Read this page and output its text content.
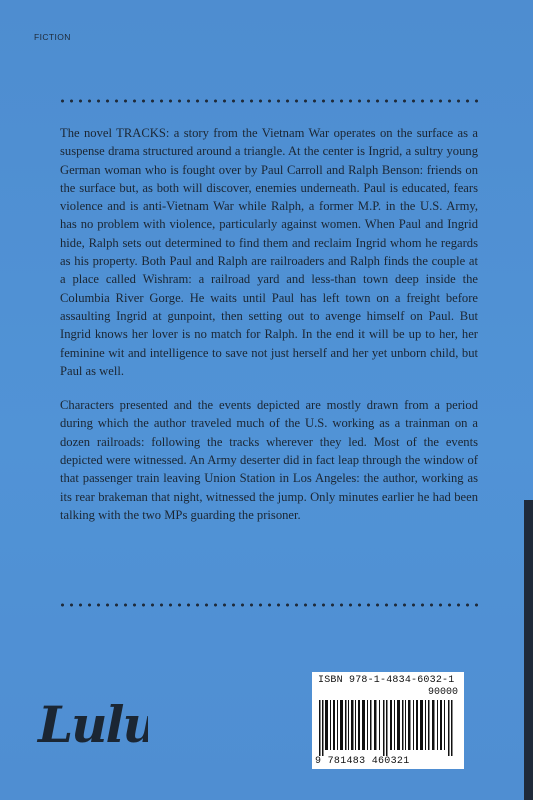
FICTION

The novel TRACKS: a story from the Vietnam War operates on the surface as a suspense drama structured around a triangle. At the center is Ingrid, a sultry young German woman who is fought over by Paul Carroll and Ralph Benson: friends on the surface but, as both will discover, enemies underneath. Paul is educated, fears violence and is anti-Vietnam War while Ralph, a former M.P. in the U.S. Army, has no problem with violence, particularly against women. When Paul and Ingrid hide, Ralph sets out determined to find them and reclaim Ingrid whom he regards as his property. Both Paul and Ralph are railroaders and Ralph finds the couple at a place called Wishram: a railroad yard and less-than town deep inside the Columbia River Gorge. He waits until Paul has left town on a freight before assaulting Ingrid at gunpoint, then setting out to avenge himself on Paul. But Ingrid knows her lover is no match for Ralph. In the end it will be up to her, her feminine wit and intelligence to save not just herself and her yet unborn child, but Paul as well.

Characters presented and the events depicted are mostly drawn from a period during which the author traveled much of the U.S. working as a trainman on a dozen railroads: following the tracks wherever they led. Most of the events depicted were witnessed. An Army deserter did in fact leap through the window of that passenger train leaving Union Station in Los Angeles: the author, working as its rear brakeman that night, witnessed the jump. Only minutes earlier he had been talking with the two MPs guarding the prisoner.

Lulu
ISBN 978-1-4834-6032-1
90000
9 781483 460321
